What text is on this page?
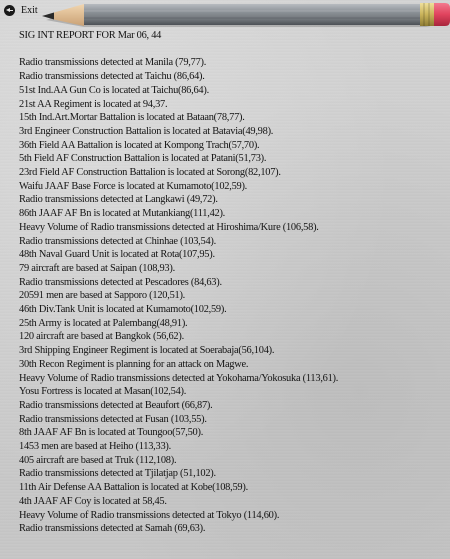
Exit

SIG INT REPORT FOR Mar 06, 44

Radio transmissions detected at Manila (79,77).

Radio transmissions detected at Taichu (86,64).

51st Ind.AA Gun Co is located at Taichu(86,64).

21st AA Regiment is located at 94,37.

15th Ind.Art.Mortar Battalion is located at Bataan(78,77).

3rd Engineer Construction Battalion is located at Batavia(49,98).

36th Field AA Battalion is located at Kompong Trach(57,70).

5th Field AF Construction Battalion is located at Patani(51,73).

23rd Field AF Construction Battalion is located at Sorong(82,107).

Waifu JAAF Base Force is located at Kumamoto(102,59).

Radio transmissions detected at Langkawi (49,72).

86th JAAF AF Bn is located at Mutankiang(111,42).

Heavy Volume of Radio transmissions detected at Hiroshima/Kure (106,58).

Radio transmissions detected at Chinhae (103,54).

48th Naval Guard Unit is located at Rota(107,95).

79 aircraft are based at Saipan (108,93).

Radio transmissions detected at Pescadores (84,63).

20591 men are based at Sapporo (120,51).

46th Div.Tank Unit is located at Kumamoto(102,59).

25th Army is located at Palembang(48,91).

120 aircraft are based at Bangkok (56,62).

3rd Shipping Engineer Regiment is located at Soerabaja(56,104).

30th Recon Regiment is planning for an attack on Magwe.

Heavy Volume of Radio transmissions detected at Yokohama/Yokosuka (113,61).

Yosu Fortress is located at Masan(102,54).

Radio transmissions detected at Beaufort (66,87).

Radio transmissions detected at Fusan (103,55).

8th JAAF AF Bn is located at Toungoo(57,50).

1453 men are based at Heiho (113,33).

405 aircraft are based at Truk (112,108).

Radio transmissions detected at Tjilatjap (51,102).

11th Air Defense AA Battalion is located at Kobe(108,59).

4th JAAF AF Coy is located at 58,45.

Heavy Volume of Radio transmissions detected at Tokyo (114,60).

Radio transmissions detected at Samah (69,63).
